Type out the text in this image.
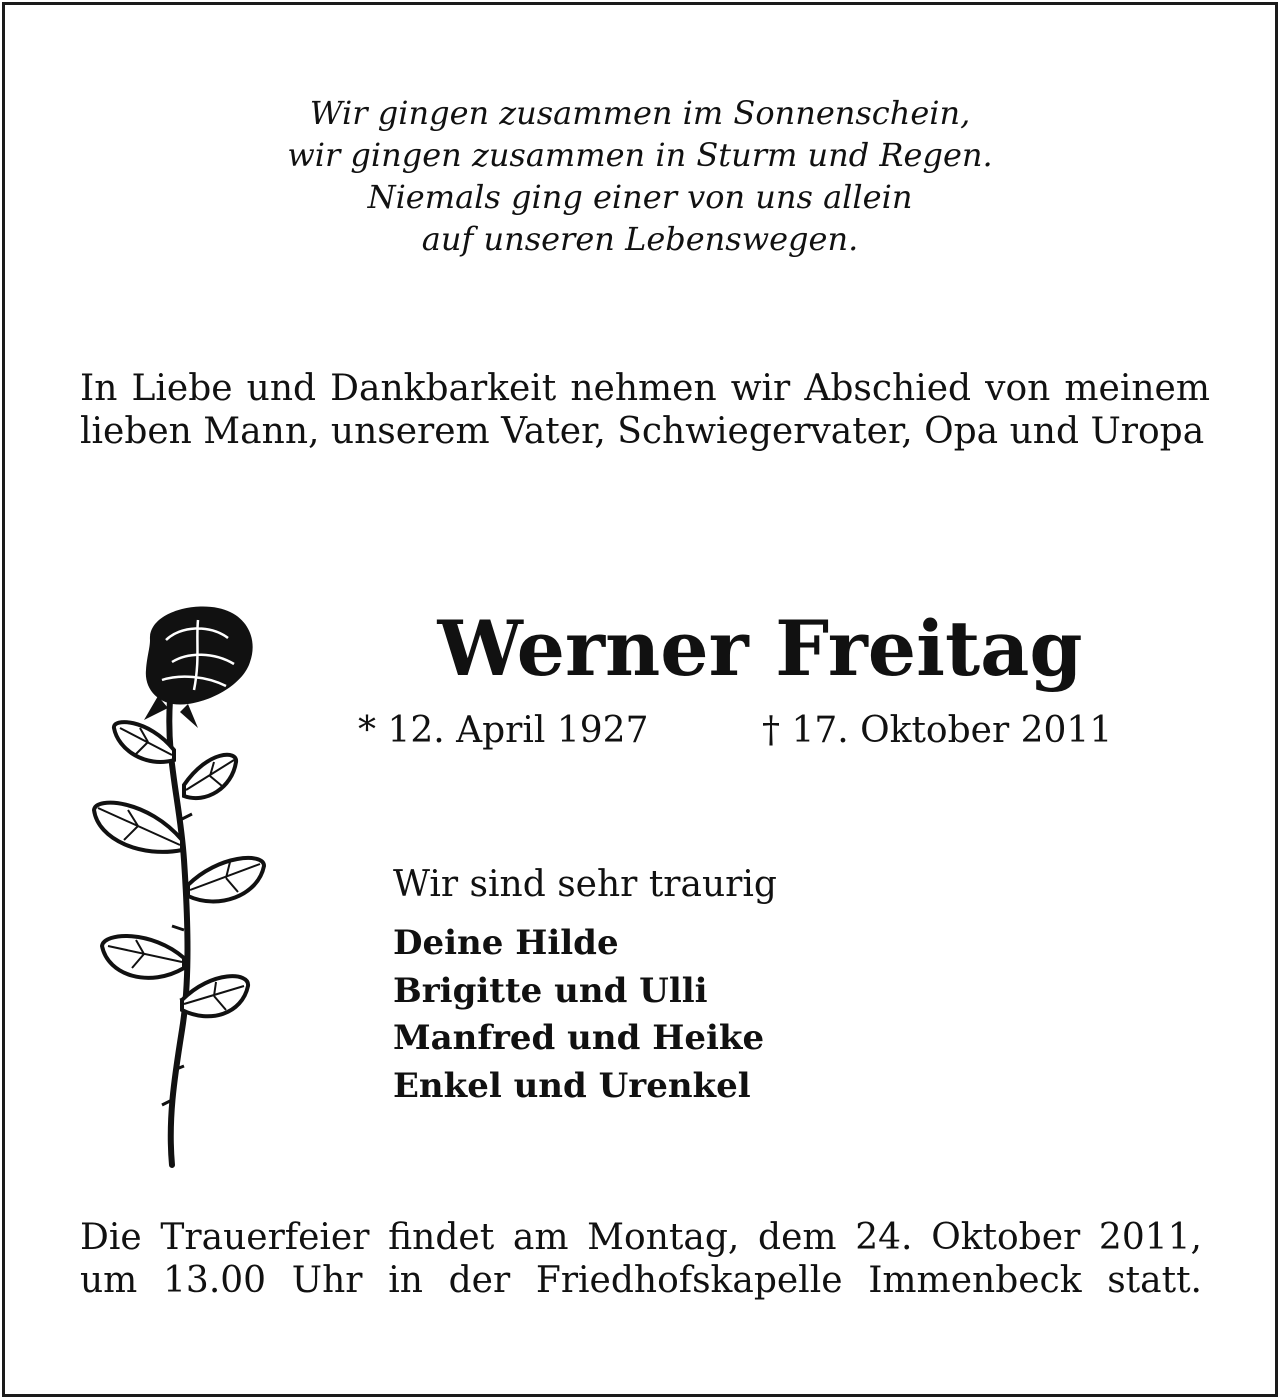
Wir gingen zusammen im Sonnenschein,
wir gingen zusammen in Sturm und Regen.
Niemals ging einer von uns allein
auf unseren Lebenswegen.
In Liebe und Dankbarkeit nehmen wir Abschied von meinem lieben Mann, unserem Vater, Schwiegervater, Opa und Uropa
Werner Freitag
* 12. April 1927	† 17. Oktober 2011
Wir sind sehr traurig
Deine Hilde
Brigitte und Ulli
Manfred und Heike
Enkel und Urenkel
Die Trauerfeier findet am Montag, dem 24. Oktober 2011,
um 13.00 Uhr in der Friedhofskapelle Immenbeck statt.
